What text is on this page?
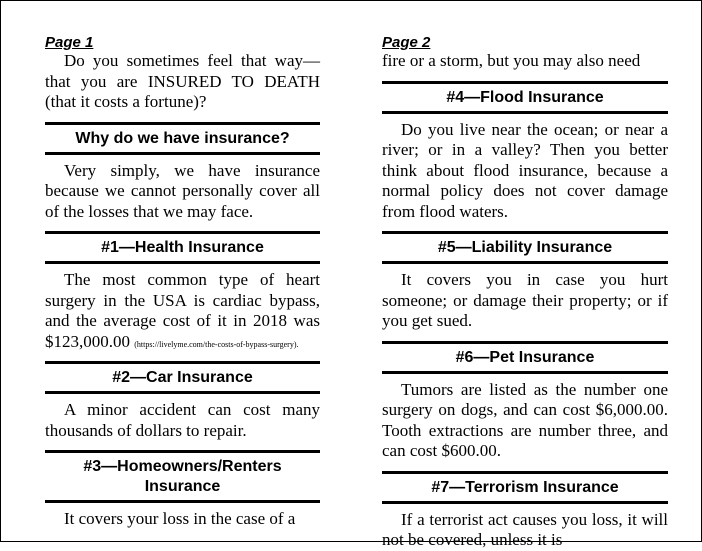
Page 1

Do you sometimes feel that way—that you are INSURED TO DEATH (that it costs a fortune)?

Why do we have insurance?

Very simply, we have insurance because we cannot personally cover all of the losses that we may face.

#1—Health Insurance

The most common type of heart surgery in the USA is cardiac bypass, and the average cost of it in 2018 was $123,000.00 (https://livelyme.com/the-costs-of-bypass-surgery).

#2—Car Insurance

A minor accident can cost many thousands of dollars to repair.

#3—Homeowners/Renters Insurance

It covers your loss in the case of a

Page 2

fire or a storm, but you may also need

#4—Flood Insurance

Do you live near the ocean; or near a river; or in a valley? Then you better think about flood insurance, because a normal policy does not cover damage from flood waters.

#5—Liability Insurance

It covers you in case you hurt someone; or damage their property; or if you get sued.

#6—Pet Insurance

Tumors are listed as the number one surgery on dogs, and can cost $6,000.00. Tooth extractions are number three, and can cost $600.00.

#7—Terrorism Insurance

If a terrorist act causes you loss, it will not be covered, unless it is
